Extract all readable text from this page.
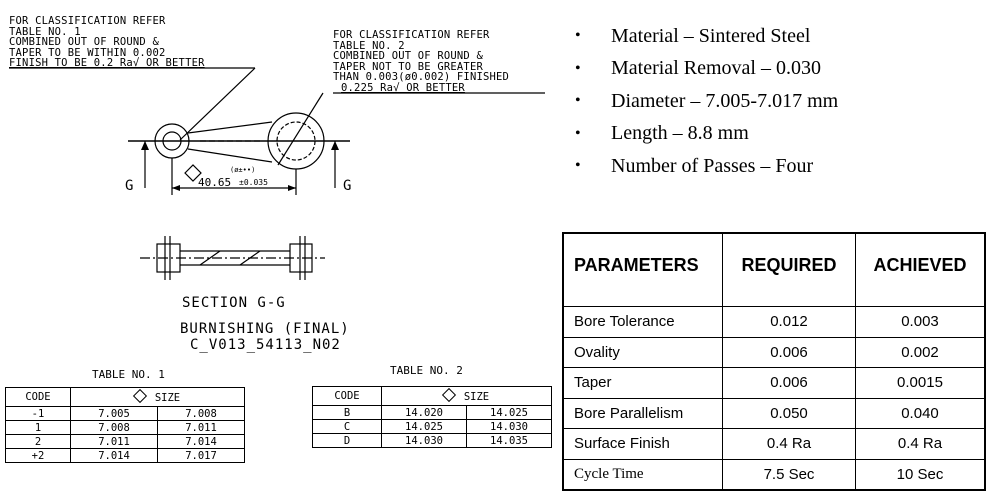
FOR CLASSIFICATION REFER
TABLE NO. 1
COMBINED OUT OF ROUND &
TAPER TO BE WITHIN 0.002
FINISH TO BE 0.2 Ra√ OR BETTER
FOR CLASSIFICATION REFER
TABLE NO. 2
COMBINED OUT OF ROUND &
TAPER NOT TO BE GREATER
THAN 0.003(ø0.002) FINISHED
0.225 Ra√ OR BETTER
G	G
40.65 ±0.035
(ø±••)
SECTION G-G
BURNISHING (FINAL)
C_V013_54113_N02
TABLE NO. 1
CODE	SIZE	
-1	7.005	7.008
1	7.008	7.011
2	7.011	7.014
+2	7.014	7.017
TABLE NO. 2
CODE	SIZE	
B	14.020	14.025
C	14.025	14.030
D	14.030	14.035
•	Material – Sintered Steel
•	Material Removal – 0.030
•	Diameter – 7.005-7.017 mm
•	Length – 8.8 mm
•	Number of Passes – Four
PARAMETERS	REQUIRED	ACHIEVED
Bore Tolerance	0.012	0.003
Ovality	0.006	0.002
Taper	0.006	0.0015
Bore Parallelism	0.050	0.040
Surface Finish	0.4 Ra	0.4 Ra
Cycle Time	7.5 Sec	10 Sec
